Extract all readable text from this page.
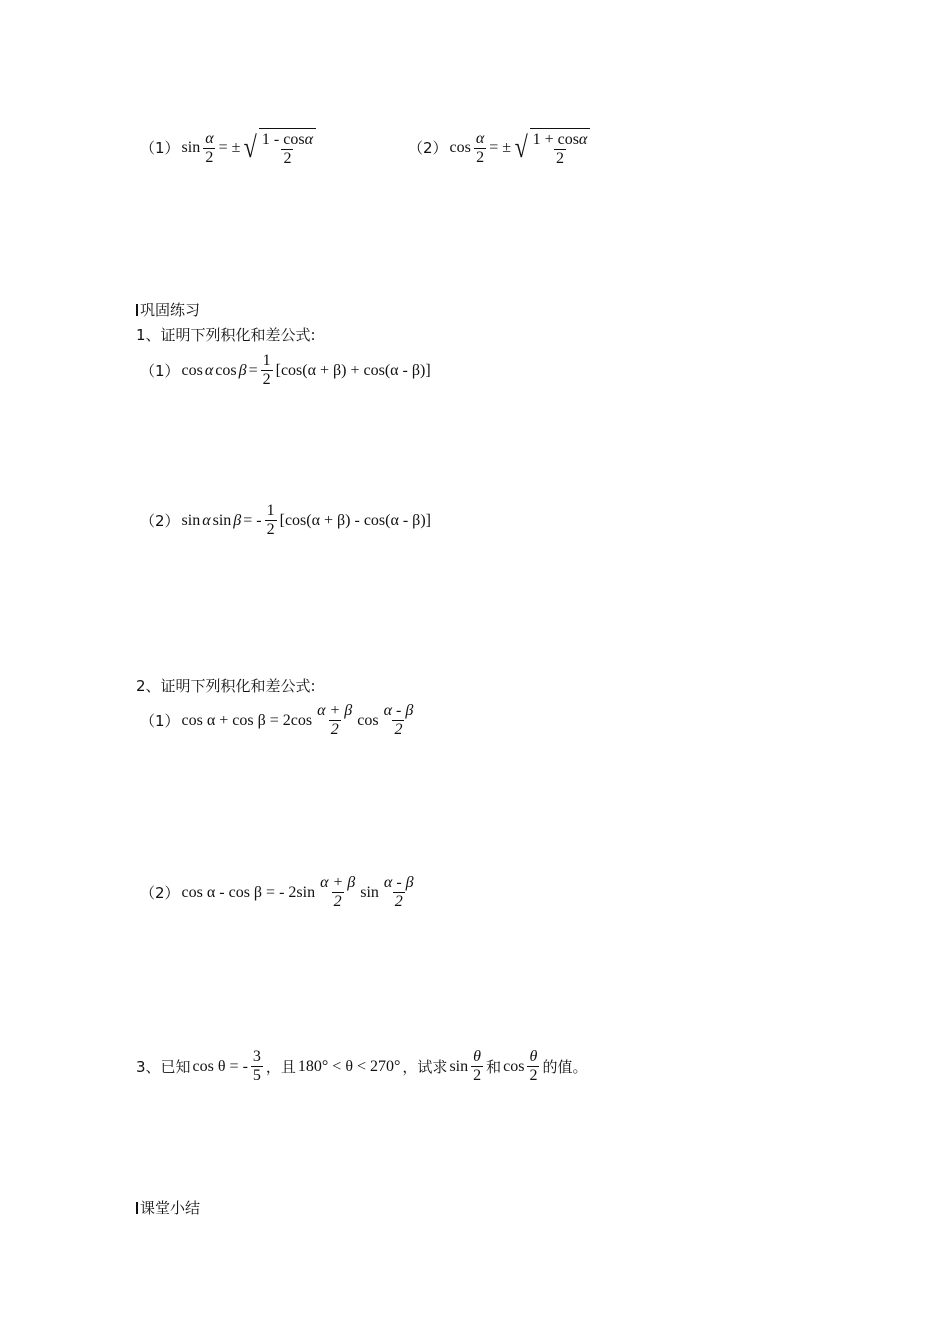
（1） $\sin \frac{\alpha}{2}$ = ± √ $\frac{1 - \cos\alpha}{2}$	（2） $\cos \frac{\alpha}{2}$ = ± √ $\frac{1 + \cos\alpha}{2}$
巩固练习
1、证明下列积化和差公式:
（1） cos α $\cos \beta = \frac{1}{2} [\cos(\alpha + \beta) + \cos(\alpha - \beta)]$
（2） sin α sin β = - $\frac{1}{2} [\cos(\alpha + \beta) - \cos(\alpha - \beta)]$
2、证明下列积化和差公式:
（1） $\cos \alpha + \cos \beta = 2\cos \frac{\alpha + \beta}{2}$ $\cos \frac{\alpha - \beta}{2}$
（2） cos α - cos β = - $2\sin \frac{\alpha + \beta}{2}$ $\sin \frac{\alpha - \beta}{2}$
3、已知 cos θ = - $\frac{3}{5}$ ，且 180° < θ < 270° ，试求 $\sin \frac{\theta}{2}$ 和 $\cos \frac{\theta}{2}$ 的值。
课堂小结
